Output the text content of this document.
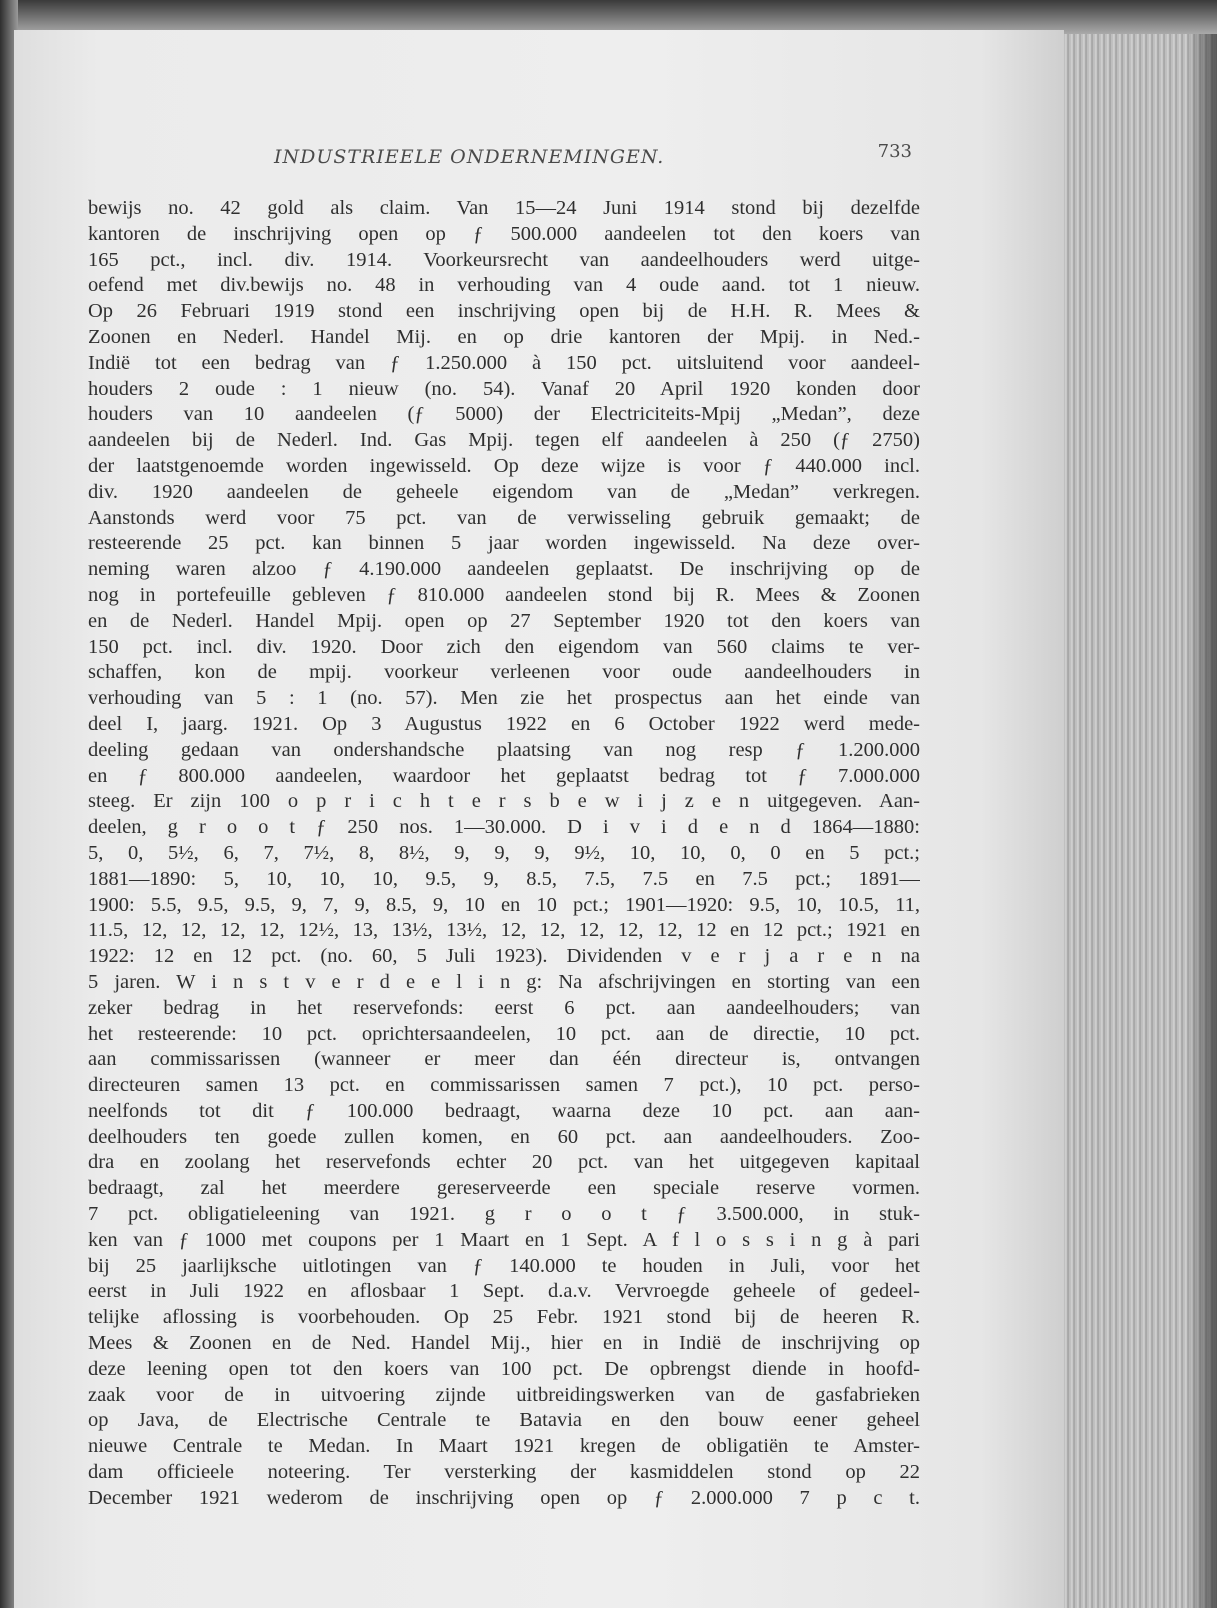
INDUSTRIEELE ONDERNEMINGEN.	733
bewijs no. 42 gold als claim. Van 15—24 Juni 1914 stond bij dezelfde
kantoren de inschrijving open op ƒ 500.000 aandeelen tot den koers van
165 pct., incl. div. 1914. Voorkeursrecht van aandeelhouders werd uitge-
oefend met div.bewijs no. 48 in verhouding van 4 oude aand. tot 1 nieuw.
Op 26 Februari 1919 stond een inschrijving open bij de H.H. R. Mees &
Zoonen en Nederl. Handel Mij. en op drie kantoren der Mpij. in Ned.-
Indië tot een bedrag van ƒ 1.250.000 à 150 pct. uitsluitend voor aandeel-
houders 2 oude : 1 nieuw (no. 54). Vanaf 20 April 1920 konden door
houders van 10 aandeelen (ƒ 5000) der Electriciteits-Mpij „Medan”, deze
aandeelen bij de Nederl. Ind. Gas Mpij. tegen elf aandeelen à 250 (ƒ 2750)
der laatstgenoemde worden ingewisseld. Op deze wijze is voor ƒ 440.000 incl.
div. 1920 aandeelen de geheele eigendom van de „Medan” verkregen.
Aanstonds werd voor 75 pct. van de verwisseling gebruik gemaakt; de
resteerende 25 pct. kan binnen 5 jaar worden ingewisseld. Na deze over-
neming waren alzoo ƒ 4.190.000 aandeelen geplaatst. De inschrijving op de
nog in portefeuille gebleven ƒ 810.000 aandeelen stond bij R. Mees & Zoonen
en de Nederl. Handel Mpij. open op 27 September 1920 tot den koers van
150 pct. incl. div. 1920. Door zich den eigendom van 560 claims te ver-
schaffen, kon de mpij. voorkeur verleenen voor oude aandeelhouders in
verhouding van 5 : 1 (no. 57). Men zie het prospectus aan het einde van
deel I, jaarg. 1921. Op 3 Augustus 1922 en 6 October 1922 werd mede-
deeling gedaan van ondershandsche plaatsing van nog resp ƒ 1.200.000
en ƒ 800.000 aandeelen, waardoor het geplaatst bedrag tot ƒ 7.000.000
steeg. Er zijn 100 o p r i c h t e r s b e w i j z e n uitgegeven. Aan-
deelen, g r o o t ƒ 250 nos. 1—30.000. D i v i d e n d 1864—1880:
5, 0, 5½, 6, 7, 7½, 8, 8½, 9, 9, 9, 9½, 10, 10, 0, 0 en 5 pct.;
1881—1890: 5, 10, 10, 10, 9.5, 9, 8.5, 7.5, 7.5 en 7.5 pct.; 1891—
1900: 5.5, 9.5, 9.5, 9, 7, 9, 8.5, 9, 10 en 10 pct.; 1901—1920: 9.5, 10, 10.5, 11,
11.5, 12, 12, 12, 12, 12½, 13, 13½, 13½, 12, 12, 12, 12, 12, 12 en 12 pct.; 1921 en
1922: 12 en 12 pct. (no. 60, 5 Juli 1923). Dividenden v e r j a r e n na
5 jaren. W i n s t v e r d e e l i n g: Na afschrijvingen en storting van een
zeker bedrag in het reservefonds: eerst 6 pct. aan aandeelhouders; van
het resteerende: 10 pct. oprichtersaandeelen, 10 pct. aan de directie, 10 pct.
aan commissarissen (wanneer er meer dan één directeur is, ontvangen
directeuren samen 13 pct. en commissarissen samen 7 pct.), 10 pct. perso-
neelfonds tot dit ƒ 100.000 bedraagt, waarna deze 10 pct. aan aan-
deelhouders ten goede zullen komen, en 60 pct. aan aandeelhouders. Zoo-
dra en zoolang het reservefonds echter 20 pct. van het uitgegeven kapitaal
bedraagt, zal het meerdere gereserveerde een speciale reserve vormen.
7 pct. obligatieleening van 1921. g r o o t ƒ 3.500.000, in stuk-
ken van ƒ 1000 met coupons per 1 Maart en 1 Sept. A f l o s s i n g à pari
bij 25 jaarlijksche uitlotingen van ƒ 140.000 te houden in Juli, voor het
eerst in Juli 1922 en aflosbaar 1 Sept. d.a.v. Vervroegde geheele of gedeel-
telijke aflossing is voorbehouden. Op 25 Febr. 1921 stond bij de heeren R.
Mees & Zoonen en de Ned. Handel Mij., hier en in Indië de inschrijving op
deze leening open tot den koers van 100 pct. De opbrengst diende in hoofd-
zaak voor de in uitvoering zijnde uitbreidingswerken van de gasfabrieken
op Java, de Electrische Centrale te Batavia en den bouw eener geheel
nieuwe Centrale te Medan. In Maart 1921 kregen de obligatiën te Amster-
dam officieele noteering. Ter versterking der kasmiddelen stond op 22
December 1921 wederom de inschrijving open op ƒ 2.000.000 7 p c t.
